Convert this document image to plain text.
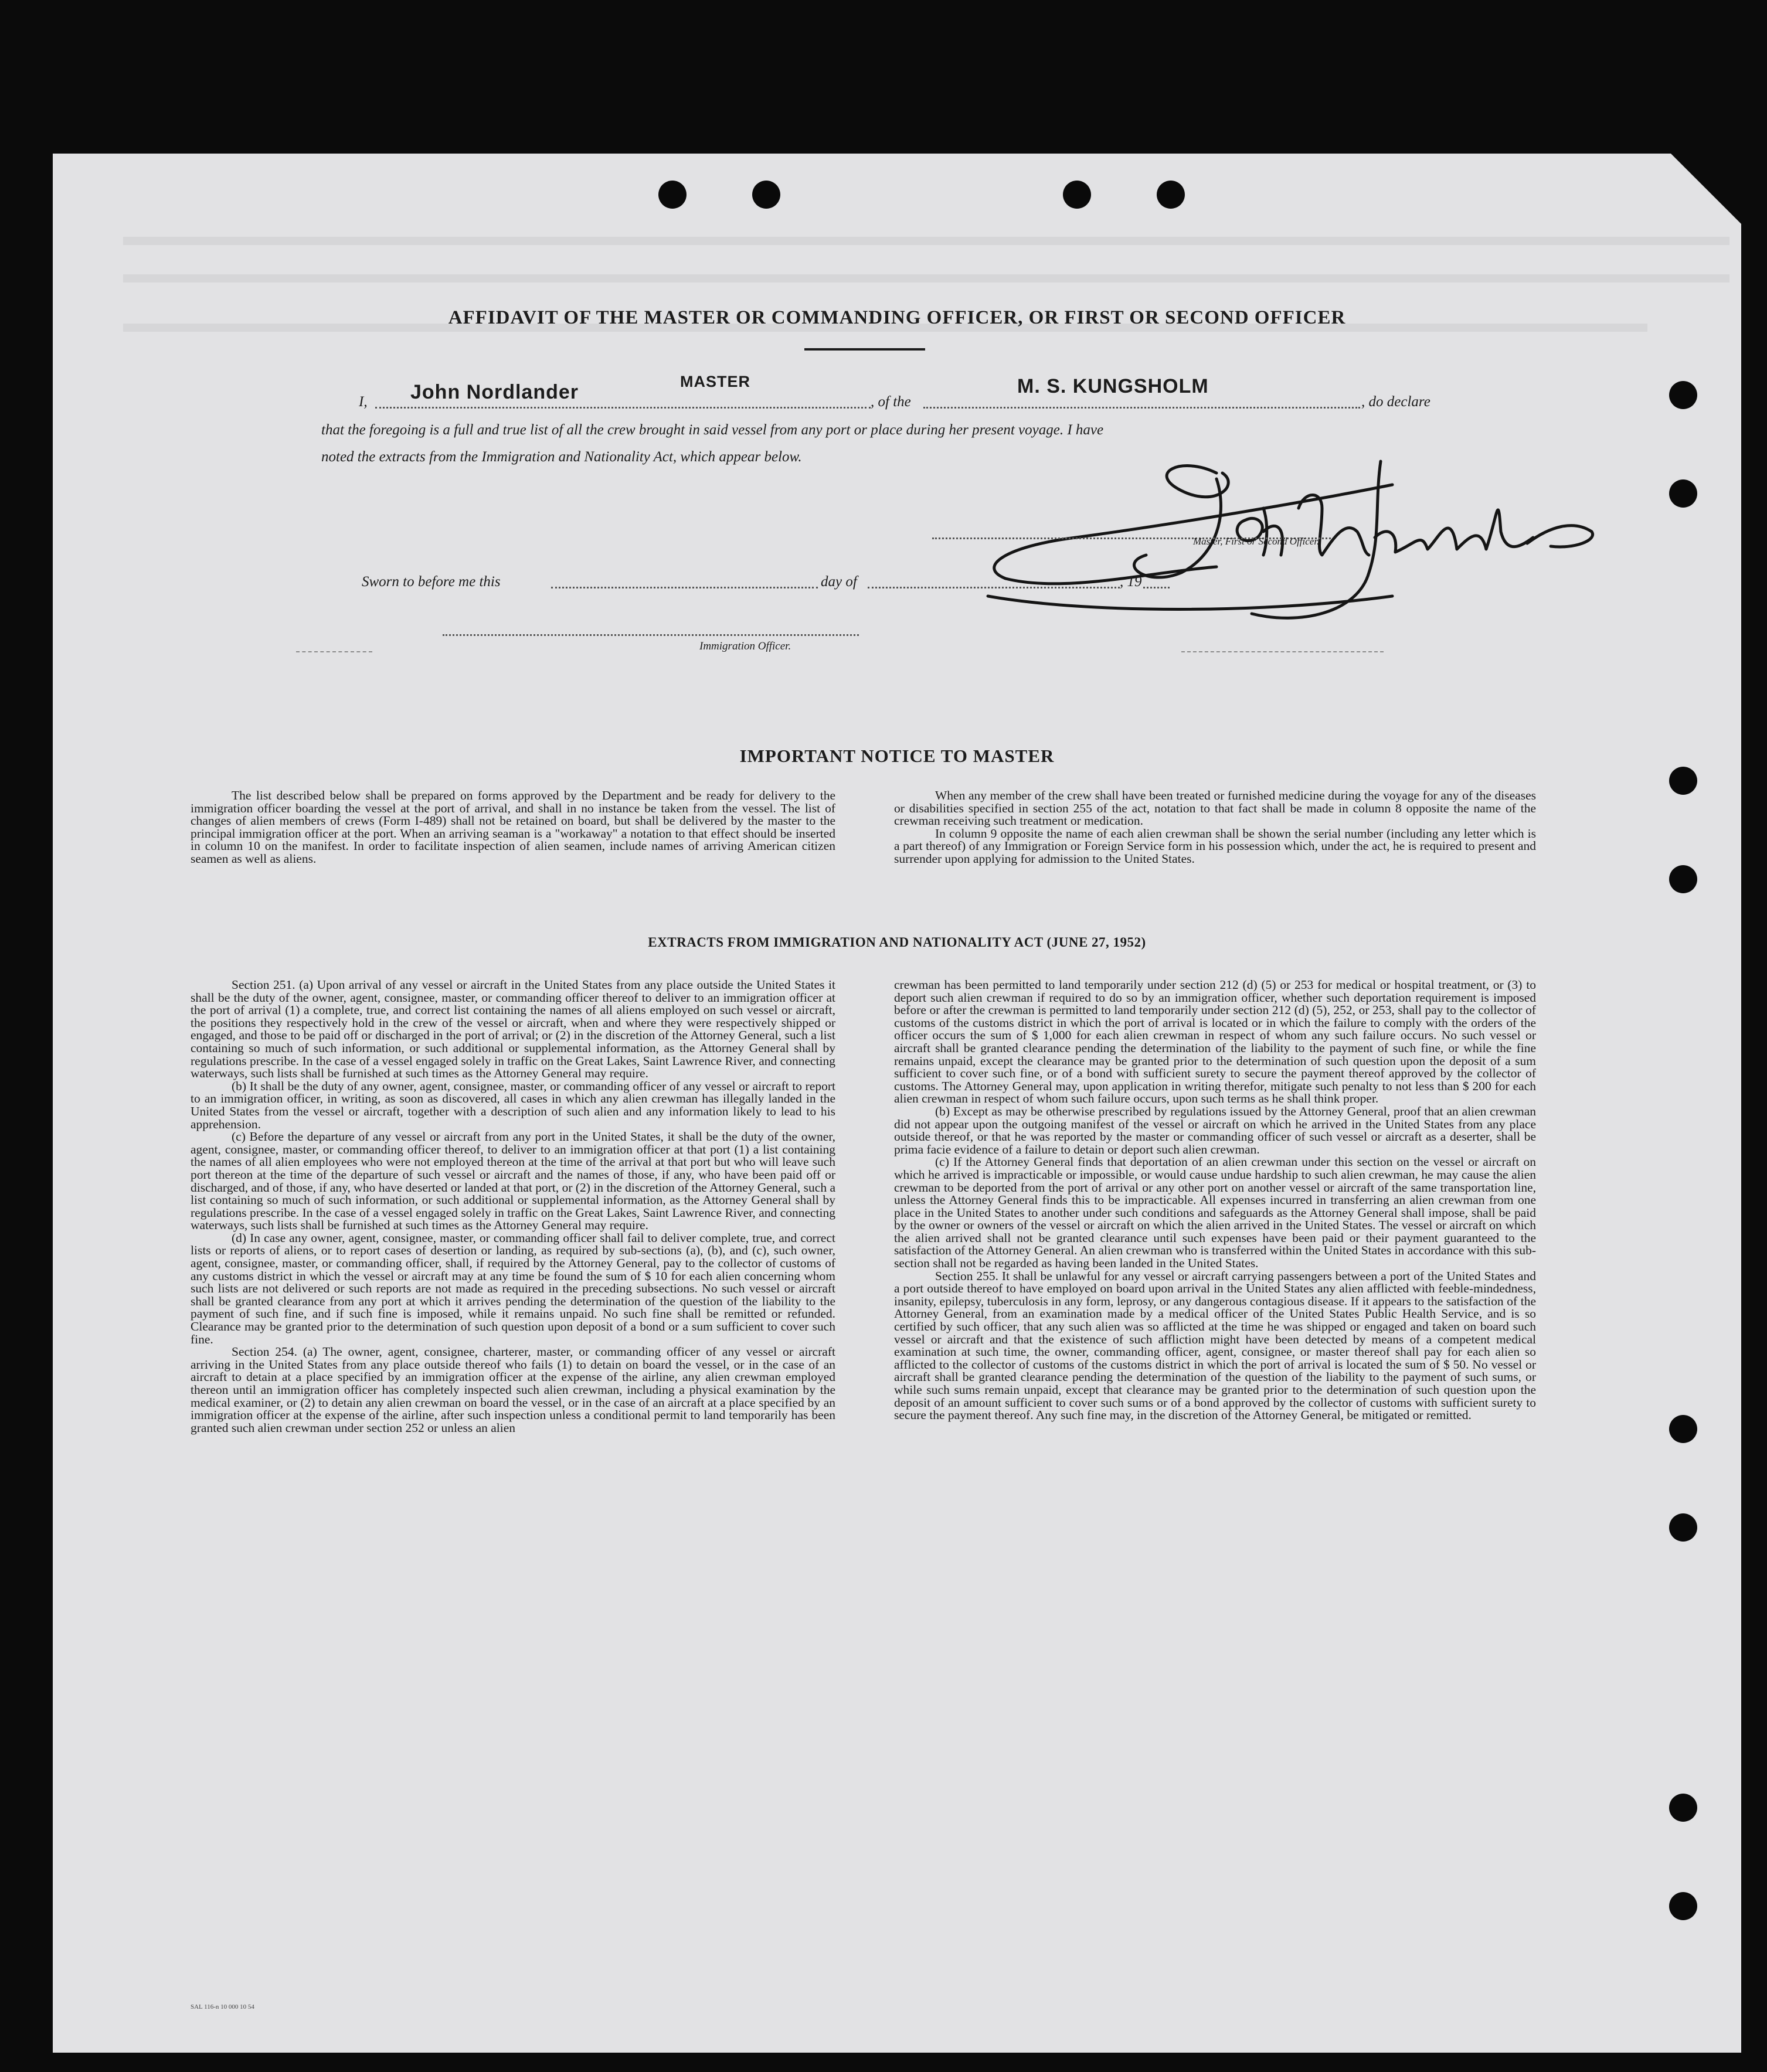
AFFIDAVIT OF THE MASTER OR COMMANDING OFFICER, OR FIRST OR SECOND OFFICER
I, John Nordlander	MASTER
, of the
M. S. KUNGSHOLM
, do declare
that the foregoing is a full and true list of all the crew brought in said vessel from any port or place during her present voyage. I have
noted the extracts from the Immigration and Nationality Act, which appear below.
Master, First or Second Officer.
Sworn to before me this	day of	, 19
Immigration Officer.
IMPORTANT NOTICE TO MASTER

The list described below shall be prepared on forms approved by the Department and be ready for delivery to the immigration officer boarding the vessel at the port of arrival, and shall in no instance be taken from the vessel. The list of changes of alien members of crews (Form I-489) shall not be retained on board, but shall be delivered by the master to the principal immigration officer at the port. When an arriving seaman is a "workaway" a notation to that effect should be inserted in column 10 on the manifest. In order to facilitate inspection of alien seamen, include names of arriving American citizen seamen as well as aliens.

When any member of the crew shall have been treated or furnished medicine during the voyage for any of the diseases or disabilities specified in section 255 of the act, notation to that fact shall be made in column 8 opposite the name of the crewman receiving such treatment or medication.

In column 9 opposite the name of each alien crewman shall be shown the serial number (including any letter which is a part thereof) of any Immigration or Foreign Service form in his possession which, under the act, he is required to present and surrender upon applying for admission to the United States.

EXTRACTS FROM IMMIGRATION AND NATIONALITY ACT (JUNE 27, 1952)

Section 251. (a) Upon arrival of any vessel or aircraft in the United States from any place outside the United States it shall be the duty of the owner, agent, consignee, master, or commanding officer thereof to deliver to an immigration officer at the port of arrival (1) a complete, true, and correct list containing the names of all aliens employed on such vessel or aircraft, the positions they respectively hold in the crew of the vessel or aircraft, when and where they were respectively shipped or engaged, and those to be paid off or discharged in the port of arrival; or (2) in the discretion of the Attorney General, such a list containing so much of such information, or such additional or supplemental information, as the Attorney General shall by regulations prescribe. In the case of a vessel engaged solely in traffic on the Great Lakes, Saint Lawrence River, and connecting waterways, such lists shall be furnished at such times as the Attorney General may require.

(b) It shall be the duty of any owner, agent, consignee, master, or commanding officer of any vessel or aircraft to report to an immigration officer, in writing, as soon as discovered, all cases in which any alien crewman has illegally landed in the United States from the vessel or aircraft, together with a description of such alien and any information likely to lead to his apprehension.

(c) Before the departure of any vessel or aircraft from any port in the United States, it shall be the duty of the owner, agent, consignee, master, or commanding officer thereof, to deliver to an immigration officer at that port (1) a list containing the names of all alien employees who were not employed thereon at the time of the arrival at that port but who will leave such port thereon at the time of the departure of such vessel or aircraft and the names of those, if any, who have been paid off or discharged, and of those, if any, who have deserted or landed at that port, or (2) in the discretion of the Attorney General, such a list containing so much of such information, or such additional or supplemental information, as the Attorney General shall by regulations prescribe. In the case of a vessel engaged solely in traffic on the Great Lakes, Saint Lawrence River, and connecting waterways, such lists shall be furnished at such times as the Attorney General may require.

(d) In case any owner, agent, consignee, master, or commanding officer shall fail to deliver complete, true, and correct lists or reports of aliens, or to report cases of desertion or landing, as required by sub-sections (a), (b), and (c), such owner, agent, consignee, master, or commanding officer, shall, if required by the Attorney General, pay to the collector of customs of any customs district in which the vessel or aircraft may at any time be found the sum of $ 10 for each alien concerning whom such lists are not delivered or such reports are not made as required in the preceding subsections. No such vessel or aircraft shall be granted clearance from any port at which it arrives pending the determination of the question of the liability to the payment of such fine, and if such fine is imposed, while it remains unpaid. No such fine shall be remitted or refunded. Clearance may be granted prior to the determination of such question upon deposit of a bond or a sum sufficient to cover such fine.

Section 254. (a) The owner, agent, consignee, charterer, master, or commanding officer of any vessel or aircraft arriving in the United States from any place outside thereof who fails (1) to detain on board the vessel, or in the case of an aircraft to detain at a place specified by an immigration officer at the expense of the airline, any alien crewman employed thereon until an immigration officer has completely inspected such alien crewman, including a physical examination by the medical examiner, or (2) to detain any alien crewman on board the vessel, or in the case of an aircraft at a place specified by an immigration officer at the expense of the airline, after such inspection unless a conditional permit to land temporarily has been granted such alien crewman under section 252 or unless an alien

crewman has been permitted to land temporarily under section 212 (d) (5) or 253 for medical or hospital treatment, or (3) to deport such alien crewman if required to do so by an immigration officer, whether such deportation requirement is imposed before or after the crewman is permitted to land temporarily under section 212 (d) (5), 252, or 253, shall pay to the collector of customs of the customs district in which the port of arrival is located or in which the failure to comply with the orders of the officer occurs the sum of $ 1,000 for each alien crewman in respect of whom any such failure occurs. No such vessel or aircraft shall be granted clearance pending the determination of the liability to the payment of such fine, or while the fine remains unpaid, except the clearance may be granted prior to the determination of such question upon the deposit of a sum sufficient to cover such fine, or of a bond with sufficient surety to secure the payment thereof approved by the collector of customs. The Attorney General may, upon application in writing therefor, mitigate such penalty to not less than $ 200 for each alien crewman in respect of whom such failure occurs, upon such terms as he shall think proper.

(b) Except as may be otherwise prescribed by regulations issued by the Attorney General, proof that an alien crewman did not appear upon the outgoing manifest of the vessel or aircraft on which he arrived in the United States from any place outside thereof, or that he was reported by the master or commanding officer of such vessel or aircraft as a deserter, shall be prima facie evidence of a failure to detain or deport such alien crewman.

(c) If the Attorney General finds that deportation of an alien crewman under this section on the vessel or aircraft on which he arrived is impracticable or impossible, or would cause undue hardship to such alien crewman, he may cause the alien crewman to be deported from the port of arrival or any other port on another vessel or aircraft of the same transportation line, unless the Attorney General finds this to be impracticable. All expenses incurred in transferring an alien crewman from one place in the United States to another under such conditions and safeguards as the Attorney General shall impose, shall be paid by the owner or owners of the vessel or aircraft on which the alien arrived in the United States. The vessel or aircraft on which the alien arrived shall not be granted clearance until such expenses have been paid or their payment guaranteed to the satisfaction of the Attorney General. An alien crewman who is transferred within the United States in accordance with this sub-section shall not be regarded as having been landed in the United States.

Section 255. It shall be unlawful for any vessel or aircraft carrying passengers between a port of the United States and a port outside thereof to have employed on board upon arrival in the United States any alien afflicted with feeble-mindedness, insanity, epilepsy, tuberculosis in any form, leprosy, or any dangerous contagious disease. If it appears to the satisfaction of the Attorney General, from an examination made by a medical officer of the United States Public Health Service, and is so certified by such officer, that any such alien was so afflicted at the time he was shipped or engaged and taken on board such vessel or aircraft and that the existence of such affliction might have been detected by means of a competent medical examination at such time, the owner, commanding officer, agent, consignee, or master thereof shall pay for each alien so afflicted to the collector of customs of the customs district in which the port of arrival is located the sum of $ 50. No vessel or aircraft shall be granted clearance pending the determination of the question of the liability to the payment of such sums, or while such sums remain unpaid, except that clearance may be granted prior to the determination of such question upon the deposit of an amount sufficient to cover such sums or of a bond approved by the collector of customs with sufficient surety to secure the payment thereof. Any such fine may, in the discretion of the Attorney General, be mitigated or remitted.

SAL 116-n 10 000 10 54
